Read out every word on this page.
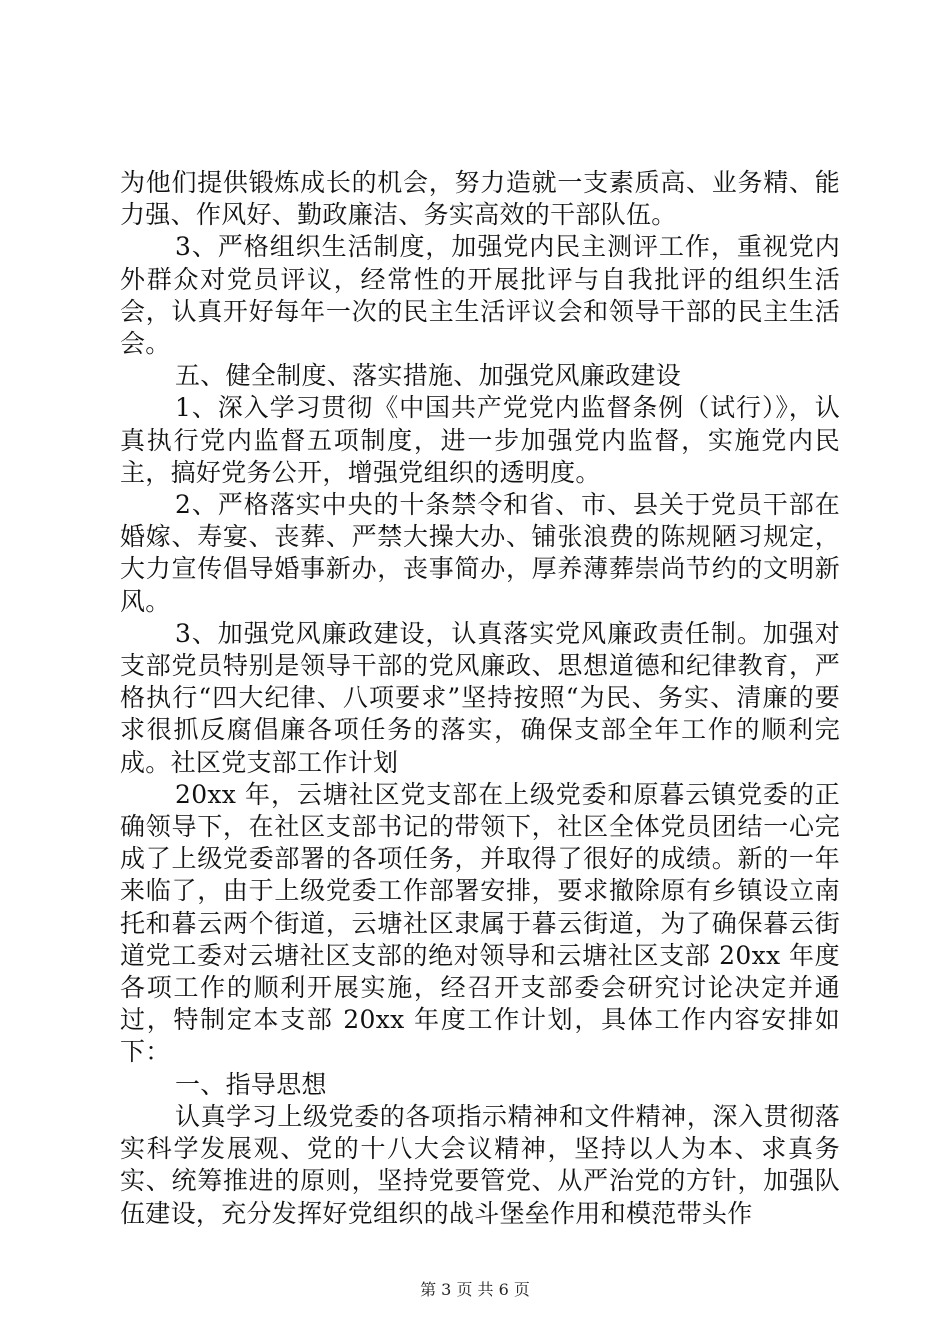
为他们提供锻炼成长的机会，努力造就一支素质高、业务精、能力强、作风好、勤政廉洁、务实高效的干部队伍。

3、严格组织生活制度，加强党内民主测评工作，重视党内外群众对党员评议，经常性的开展批评与自我批评的组织生活会，认真开好每年一次的民主生活评议会和领导干部的民主生活会。

五、健全制度、落实措施、加强党风廉政建设

1、深入学习贯彻《中国共产党党内监督条例（试行）》，认真执行党内监督五项制度，进一步加强党内监督，实施党内民主，搞好党务公开，增强党组织的透明度。

2、严格落实中央的十条禁令和省、市、县关于党员干部在婚嫁、寿宴、丧葬、严禁大操大办、铺张浪费的陈规陋习规定，大力宣传倡导婚事新办，丧事简办，厚养薄葬崇尚节约的文明新风。

3、加强党风廉政建设，认真落实党风廉政责任制。加强对支部党员特别是领导干部的党风廉政、思想道德和纪律教育，严格执行“四大纪律、八项要求”坚持按照“为民、务实、清廉的要求很抓反腐倡廉各项任务的落实，确保支部全年工作的顺利完成。社区党支部工作计划

20xx 年，云塘社区党支部在上级党委和原暮云镇党委的正确领导下，在社区支部书记的带领下，社区全体党员团结一心完成了上级党委部署的各项任务，并取得了很好的成绩。新的一年来临了，由于上级党委工作部署安排，要求撤除原有乡镇设立南托和暮云两个街道，云塘社区隶属于暮云街道，为了确保暮云街道党工委对云塘社区支部的绝对领导和云塘社区支部 20xx 年度各项工作的顺利开展实施，经召开支部委会研究讨论决定并通过，特制定本支部 20xx 年度工作计划，具体工作内容安排如下：

一、指导思想

认真学习上级党委的各项指示精神和文件精神，深入贯彻落实科学发展观、党的十八大会议精神，坚持以人为本、求真务实、统筹推进的原则，坚持党要管党、从严治党的方针，加强队伍建设，充分发挥好党组织的战斗堡垒作用和模范带头作

第 3 页 共 6 页
